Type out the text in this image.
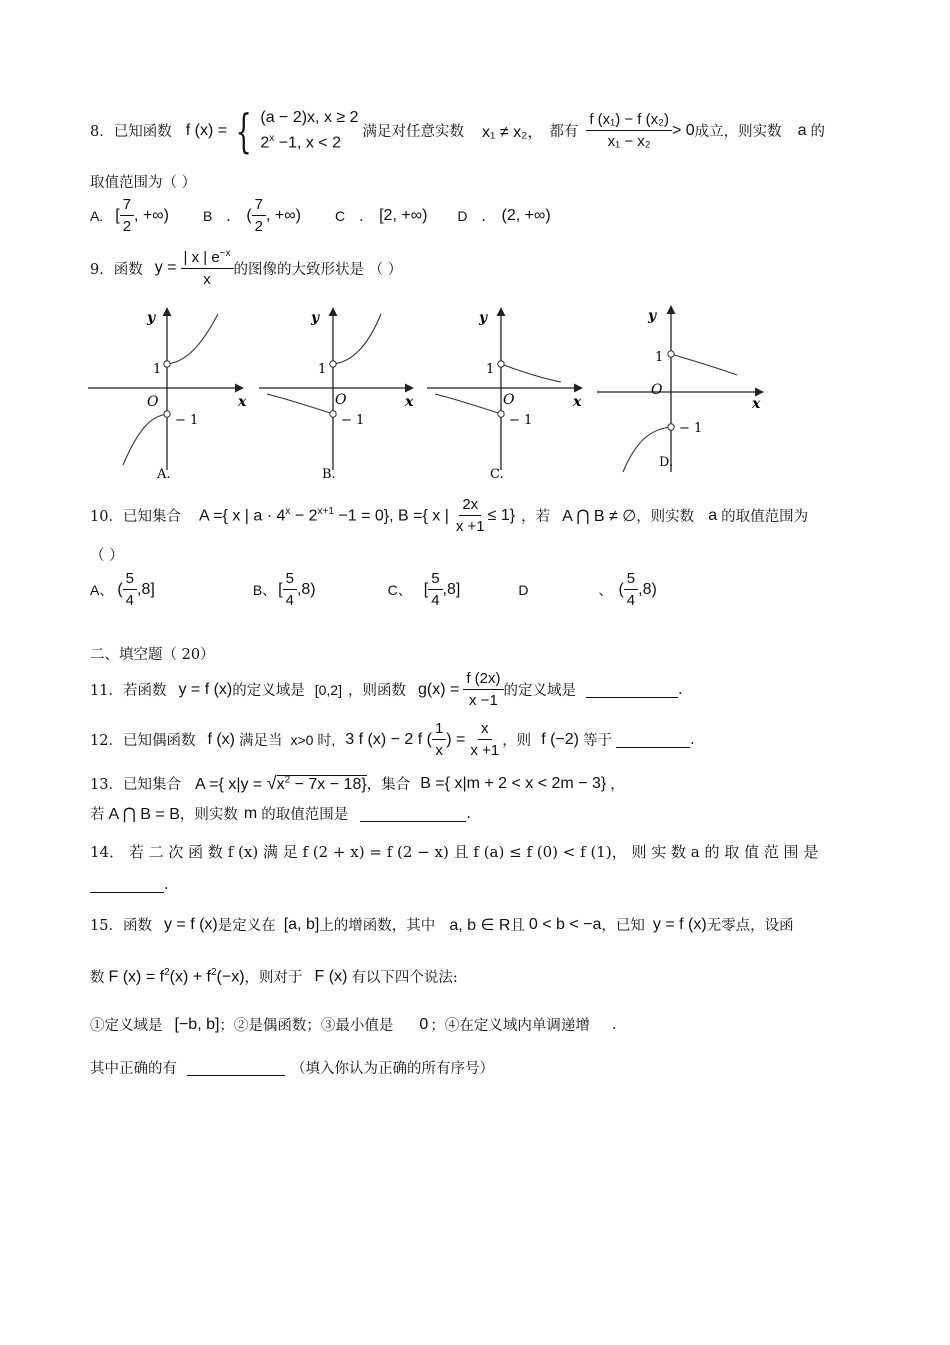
8．已知函数 f (x) = { (a − 2)x, x ≥ 2
$2^x -1$, x < 2
满足对任意实数 x₁ ≠ x₂， 都有 $\frac{\text{f (x₁) − f (x₂)}}{\text{x₁ − x₂}} > 0$ 成立，则实数 a 的
取值范围为（ ）
A. [ $\frac{7}{2}$ , +∞) B　． ( $\frac{7}{2}$ , +∞) C　． [2, +∞) D　． (2, +∞)
9．函数 $y = \frac{| x | e^{-x}}{x}$ 的图像的大致形状是 （ ）
y
x
O
1
− 1
A.
y
x
O
1
− 1
B.
y
x
O
1
− 1
C.
y
x
O
1
− 1
D.
10．已知集合 A ={ x | $a \cdot 4^x - 2^{x+1} -1 = 0$}, B ={ x | $\frac{2x}{x +1} \le 1$} ，若 A ⋂ B ≠ ∅ ，则实数 a 的取值范围为
（ ）
A、 ( $\frac{5}{4} ,8$]	B、 [ $\frac{5}{4} ,8$)	C、 [ $\frac{5}{4} ,8$]	D　　　　　、 ( $\frac{5}{4} ,8$)
二、填空题（ 20）
11．若函数 y = f (x) 的定义域是 [0,2] ，则函数 $g(x) = \frac{f (2x)}{x -1}$ 的定义域是	.
12．已知偶函数 f (x) 满足当 x>0 时, 3 f (x) − 2 f ( $\frac{1}{x}$ ) = $\frac{x}{x +1}$ ，则 f (−2) 等于	.
13．已知集合 A ={ $x|y = √x^2 - 7x - 18$} ，集合 B ={ x|m + 2 < x < 2m − 3} ，
若 A ⋂ B = B ，则实数 m 的取值范围是	.
14． 若 二 次 函 数 f (x) 满 足 f (2 + x) = f (2 − x) 且 f (a) ≤ f (0) < f (1)， 则 实 数 a 的 取 值 范 围 是
.
15．函数 y = f (x) 是定义在 [a, b] 上的增函数，其中 a, b ∈ R 且 0 < b < −a ，已知 y = f (x) 无零点，设函
数 F $(x) = f^2(x) + f^2(-x)$ ，则对于 F (x) 有以下四个说法:
①定义域是 [−b, b] ；②是偶函数；③最小值是 0 ；④在定义域内单调递增 .
其中正确的有	（填入你认为正确的所有序号）
